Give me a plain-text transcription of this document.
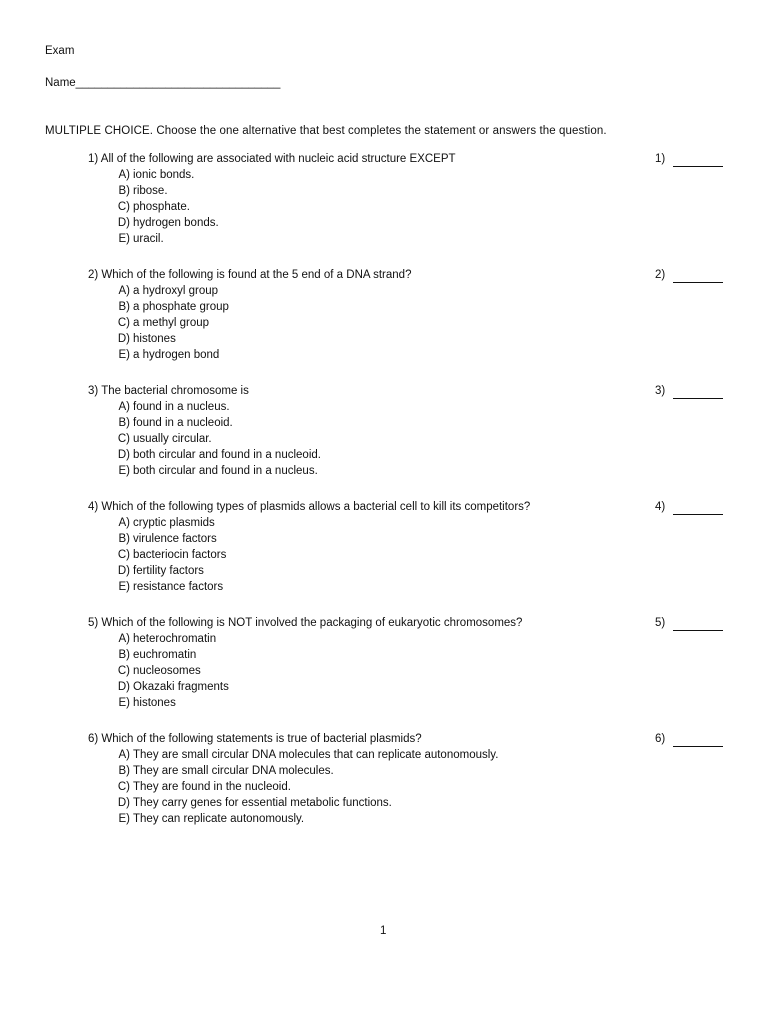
Exam
Name________________________________
MULTIPLE CHOICE. Choose the one alternative that best completes the statement or answers the question.
1) All of the following are associated with nucleic acid structure EXCEPT	1)
A) ionic bonds.
B) ribose.
C) phosphate.
D) hydrogen bonds.
E) uracil.
2) Which of the following is found at the 5 end of a DNA strand?	2)
A) a hydroxyl group
B) a phosphate group
C) a methyl group
D) histones
E) a hydrogen bond
3) The bacterial chromosome is	3)
A) found in a nucleus.
B) found in a nucleoid.
C) usually circular.
D) both circular and found in a nucleoid.
E) both circular and found in a nucleus.
4) Which of the following types of plasmids allows a bacterial cell to kill its competitors?	4)
A) cryptic plasmids
B) virulence factors
C) bacteriocin factors
D) fertility factors
E) resistance factors
5) Which of the following is NOT involved the packaging of eukaryotic chromosomes?	5)
A) heterochromatin
B) euchromatin
C) nucleosomes
D) Okazaki fragments
E) histones
6) Which of the following statements is true of bacterial plasmids?	6)
A) They are small circular DNA molecules that can replicate autonomously.
B) They are small circular DNA molecules.
C) They are found in the nucleoid.
D) They carry genes for essential metabolic functions.
E) They can replicate autonomously.
1
